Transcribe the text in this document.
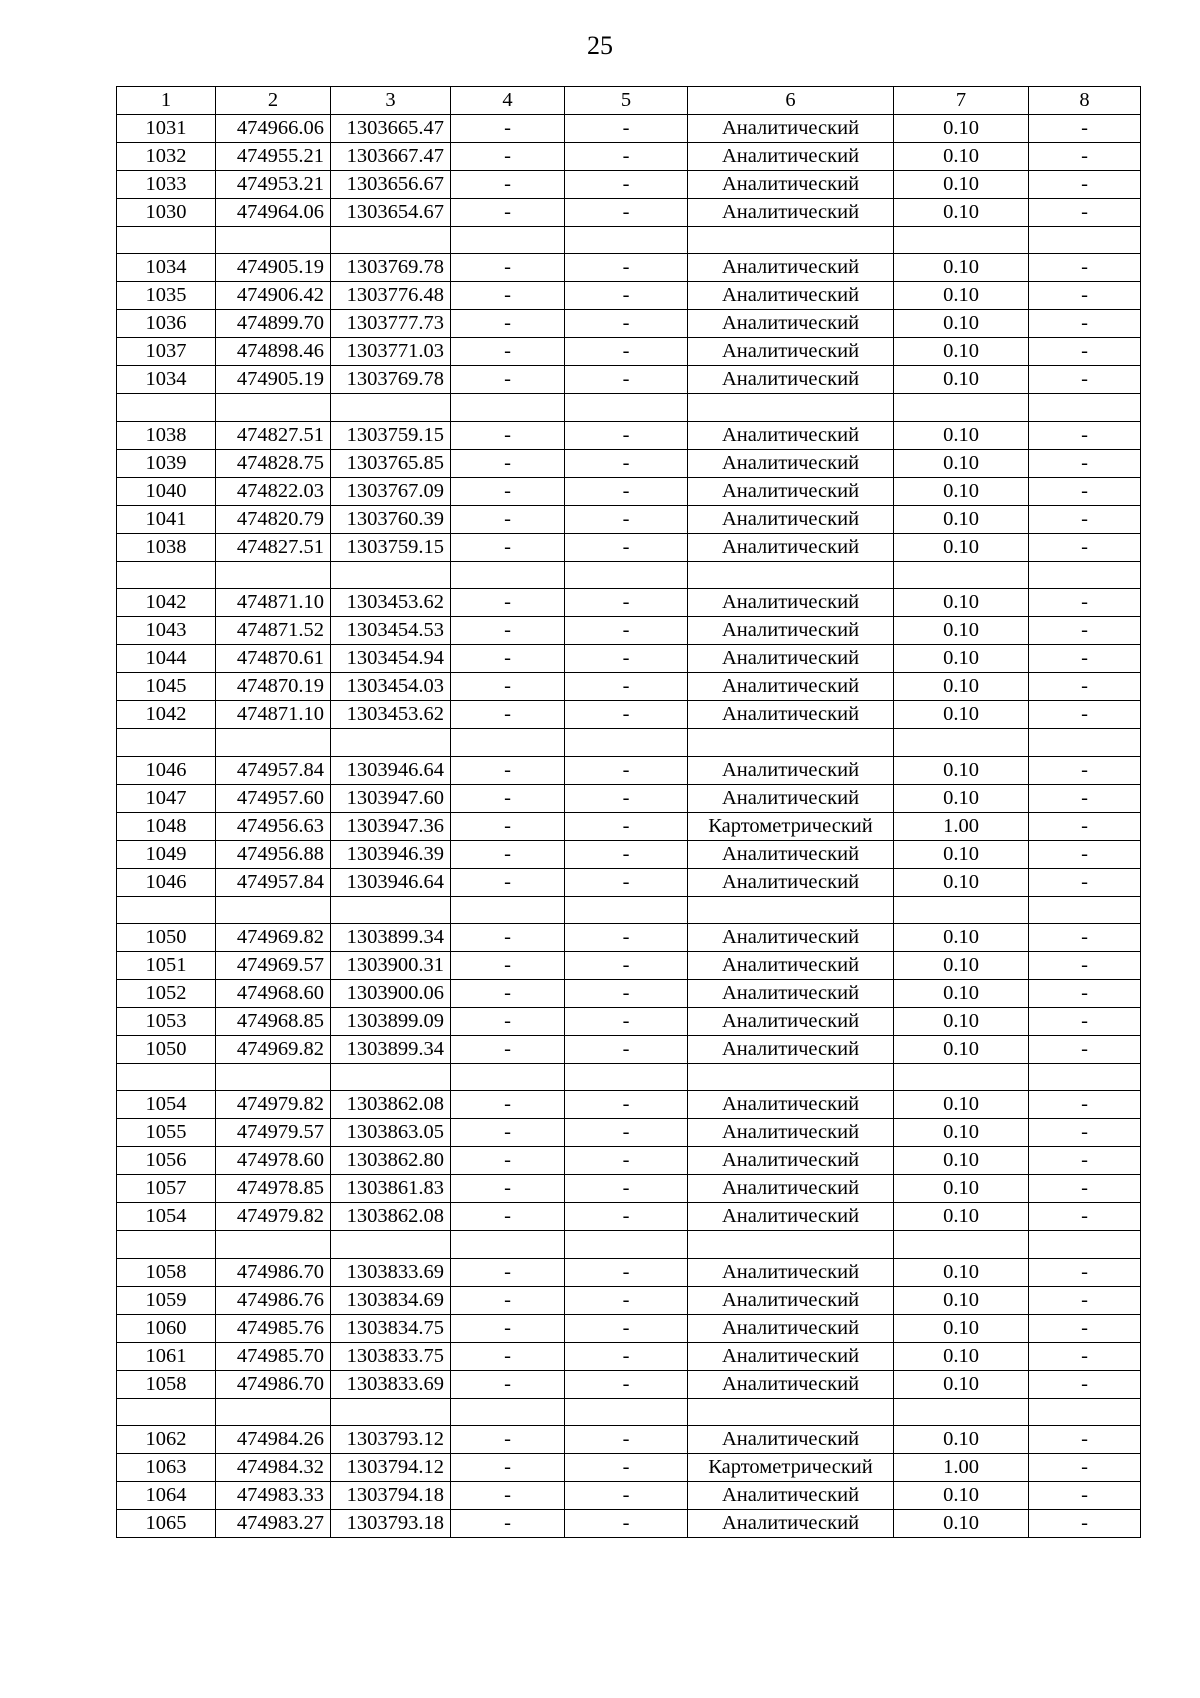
25
1	2	3	4	5	6	7	8
1031	474966.06	1303665.47	-	-	Аналитический	0.10	-
1032	474955.21	1303667.47	-	-	Аналитический	0.10	-
1033	474953.21	1303656.67	-	-	Аналитический	0.10	-
1030	474964.06	1303654.67	-	-	Аналитический	0.10	-

1034	474905.19	1303769.78	-	-	Аналитический	0.10	-
1035	474906.42	1303776.48	-	-	Аналитический	0.10	-
1036	474899.70	1303777.73	-	-	Аналитический	0.10	-
1037	474898.46	1303771.03	-	-	Аналитический	0.10	-
1034	474905.19	1303769.78	-	-	Аналитический	0.10	-

1038	474827.51	1303759.15	-	-	Аналитический	0.10	-
1039	474828.75	1303765.85	-	-	Аналитический	0.10	-
1040	474822.03	1303767.09	-	-	Аналитический	0.10	-
1041	474820.79	1303760.39	-	-	Аналитический	0.10	-
1038	474827.51	1303759.15	-	-	Аналитический	0.10	-

1042	474871.10	1303453.62	-	-	Аналитический	0.10	-
1043	474871.52	1303454.53	-	-	Аналитический	0.10	-
1044	474870.61	1303454.94	-	-	Аналитический	0.10	-
1045	474870.19	1303454.03	-	-	Аналитический	0.10	-
1042	474871.10	1303453.62	-	-	Аналитический	0.10	-

1046	474957.84	1303946.64	-	-	Аналитический	0.10	-
1047	474957.60	1303947.60	-	-	Аналитический	0.10	-
1048	474956.63	1303947.36	-	-	Картометрический	1.00	-
1049	474956.88	1303946.39	-	-	Аналитический	0.10	-
1046	474957.84	1303946.64	-	-	Аналитический	0.10	-

1050	474969.82	1303899.34	-	-	Аналитический	0.10	-
1051	474969.57	1303900.31	-	-	Аналитический	0.10	-
1052	474968.60	1303900.06	-	-	Аналитический	0.10	-
1053	474968.85	1303899.09	-	-	Аналитический	0.10	-
1050	474969.82	1303899.34	-	-	Аналитический	0.10	-

1054	474979.82	1303862.08	-	-	Аналитический	0.10	-
1055	474979.57	1303863.05	-	-	Аналитический	0.10	-
1056	474978.60	1303862.80	-	-	Аналитический	0.10	-
1057	474978.85	1303861.83	-	-	Аналитический	0.10	-
1054	474979.82	1303862.08	-	-	Аналитический	0.10	-

1058	474986.70	1303833.69	-	-	Аналитический	0.10	-
1059	474986.76	1303834.69	-	-	Аналитический	0.10	-
1060	474985.76	1303834.75	-	-	Аналитический	0.10	-
1061	474985.70	1303833.75	-	-	Аналитический	0.10	-
1058	474986.70	1303833.69	-	-	Аналитический	0.10	-

1062	474984.26	1303793.12	-	-	Аналитический	0.10	-
1063	474984.32	1303794.12	-	-	Картометрический	1.00	-
1064	474983.33	1303794.18	-	-	Аналитический	0.10	-
1065	474983.27	1303793.18	-	-	Аналитический	0.10	-
